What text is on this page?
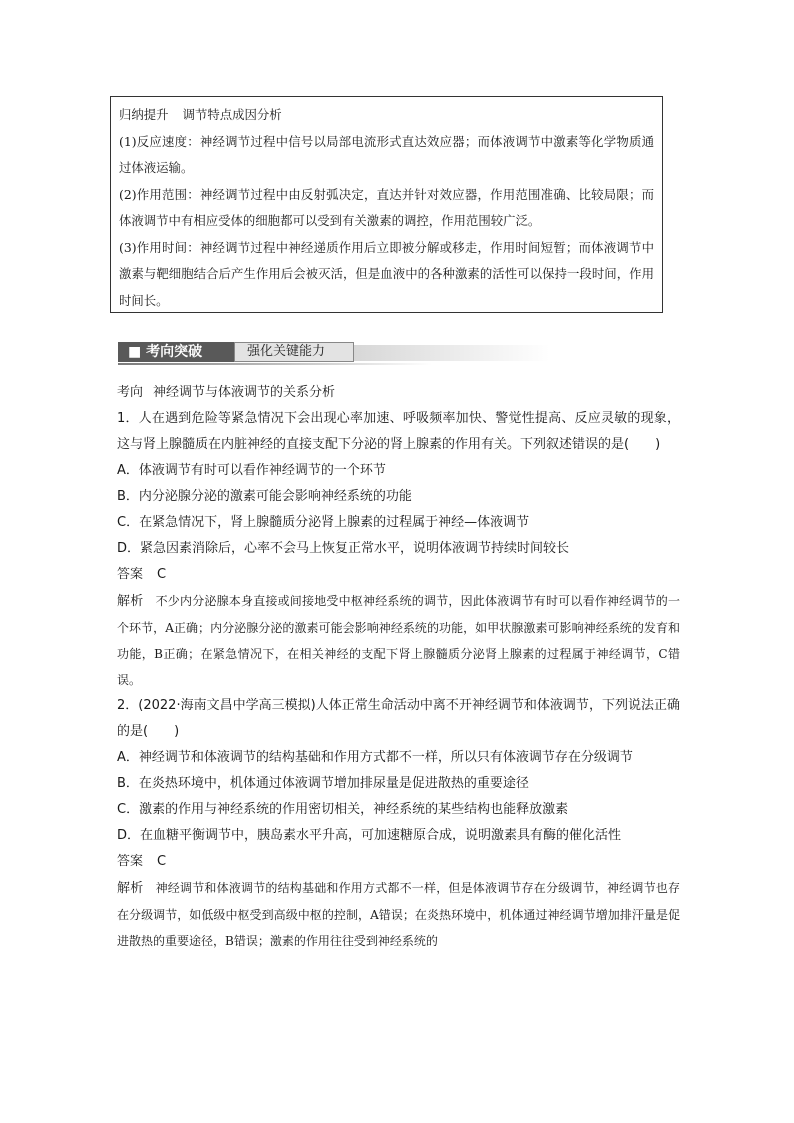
归纳提升 调节特点成因分析

(1)反应速度：神经调节过程中信号以局部电流形式直达效应器；而体液调节中激素等化学物质通过体液运输。

(2)作用范围：神经调节过程中由反射弧决定，直达并针对效应器，作用范围准确、比较局限；而体液调节中有相应受体的细胞都可以受到有关激素的调控，作用范围较广泛。

(3)作用时间：神经调节过程中神经递质作用后立即被分解或移走，作用时间短暂；而体液调节中激素与靶细胞结合后产生作用后会被灭活，但是血液中的各种激素的活性可以保持一段时间，作用时间长。

■ 考向突破	强化关键能力

考向 神经调节与体液调节的关系分析

1．人在遇到危险等紧急情况下会出现心率加速、呼吸频率加快、警觉性提高、反应灵敏的现象，这与肾上腺髓质在内脏神经的直接支配下分泌的肾上腺素的作用有关。下列叙述错误的是(　　)

A．体液调节有时可以看作神经调节的一个环节

B．内分泌腺分泌的激素可能会影响神经系统的功能

C．在紧急情况下，肾上腺髓质分泌肾上腺素的过程属于神经—体液调节

D．紧急因素消除后，心率不会马上恢复正常水平，说明体液调节持续时间较长

答案 C

解析 不少内分泌腺本身直接或间接地受中枢神经系统的调节，因此体液调节有时可以看作神经调节的一个环节，A正确；内分泌腺分泌的激素可能会影响神经系统的功能，如甲状腺激素可影响神经系统的发育和功能，B正确；在紧急情况下，在相关神经的支配下肾上腺髓质分泌肾上腺素的过程属于神经调节，C错误。

2．(2022·海南文昌中学高三模拟)人体正常生命活动中离不开神经调节和体液调节，下列说法正确的是(　　)

A．神经调节和体液调节的结构基础和作用方式都不一样，所以只有体液调节存在分级调节

B．在炎热环境中，机体通过体液调节增加排尿量是促进散热的重要途径

C．激素的作用与神经系统的作用密切相关，神经系统的某些结构也能释放激素

D．在血糖平衡调节中，胰岛素水平升高，可加速糖原合成，说明激素具有酶的催化活性

答案 C

解析 神经调节和体液调节的结构基础和作用方式都不一样，但是体液调节存在分级调节，神经调节也存在分级调节，如低级中枢受到高级中枢的控制，A错误；在炎热环境中，机体通过神经调节增加排汗量是促进散热的重要途径，B错误；激素的作用往往受到神经系统的
